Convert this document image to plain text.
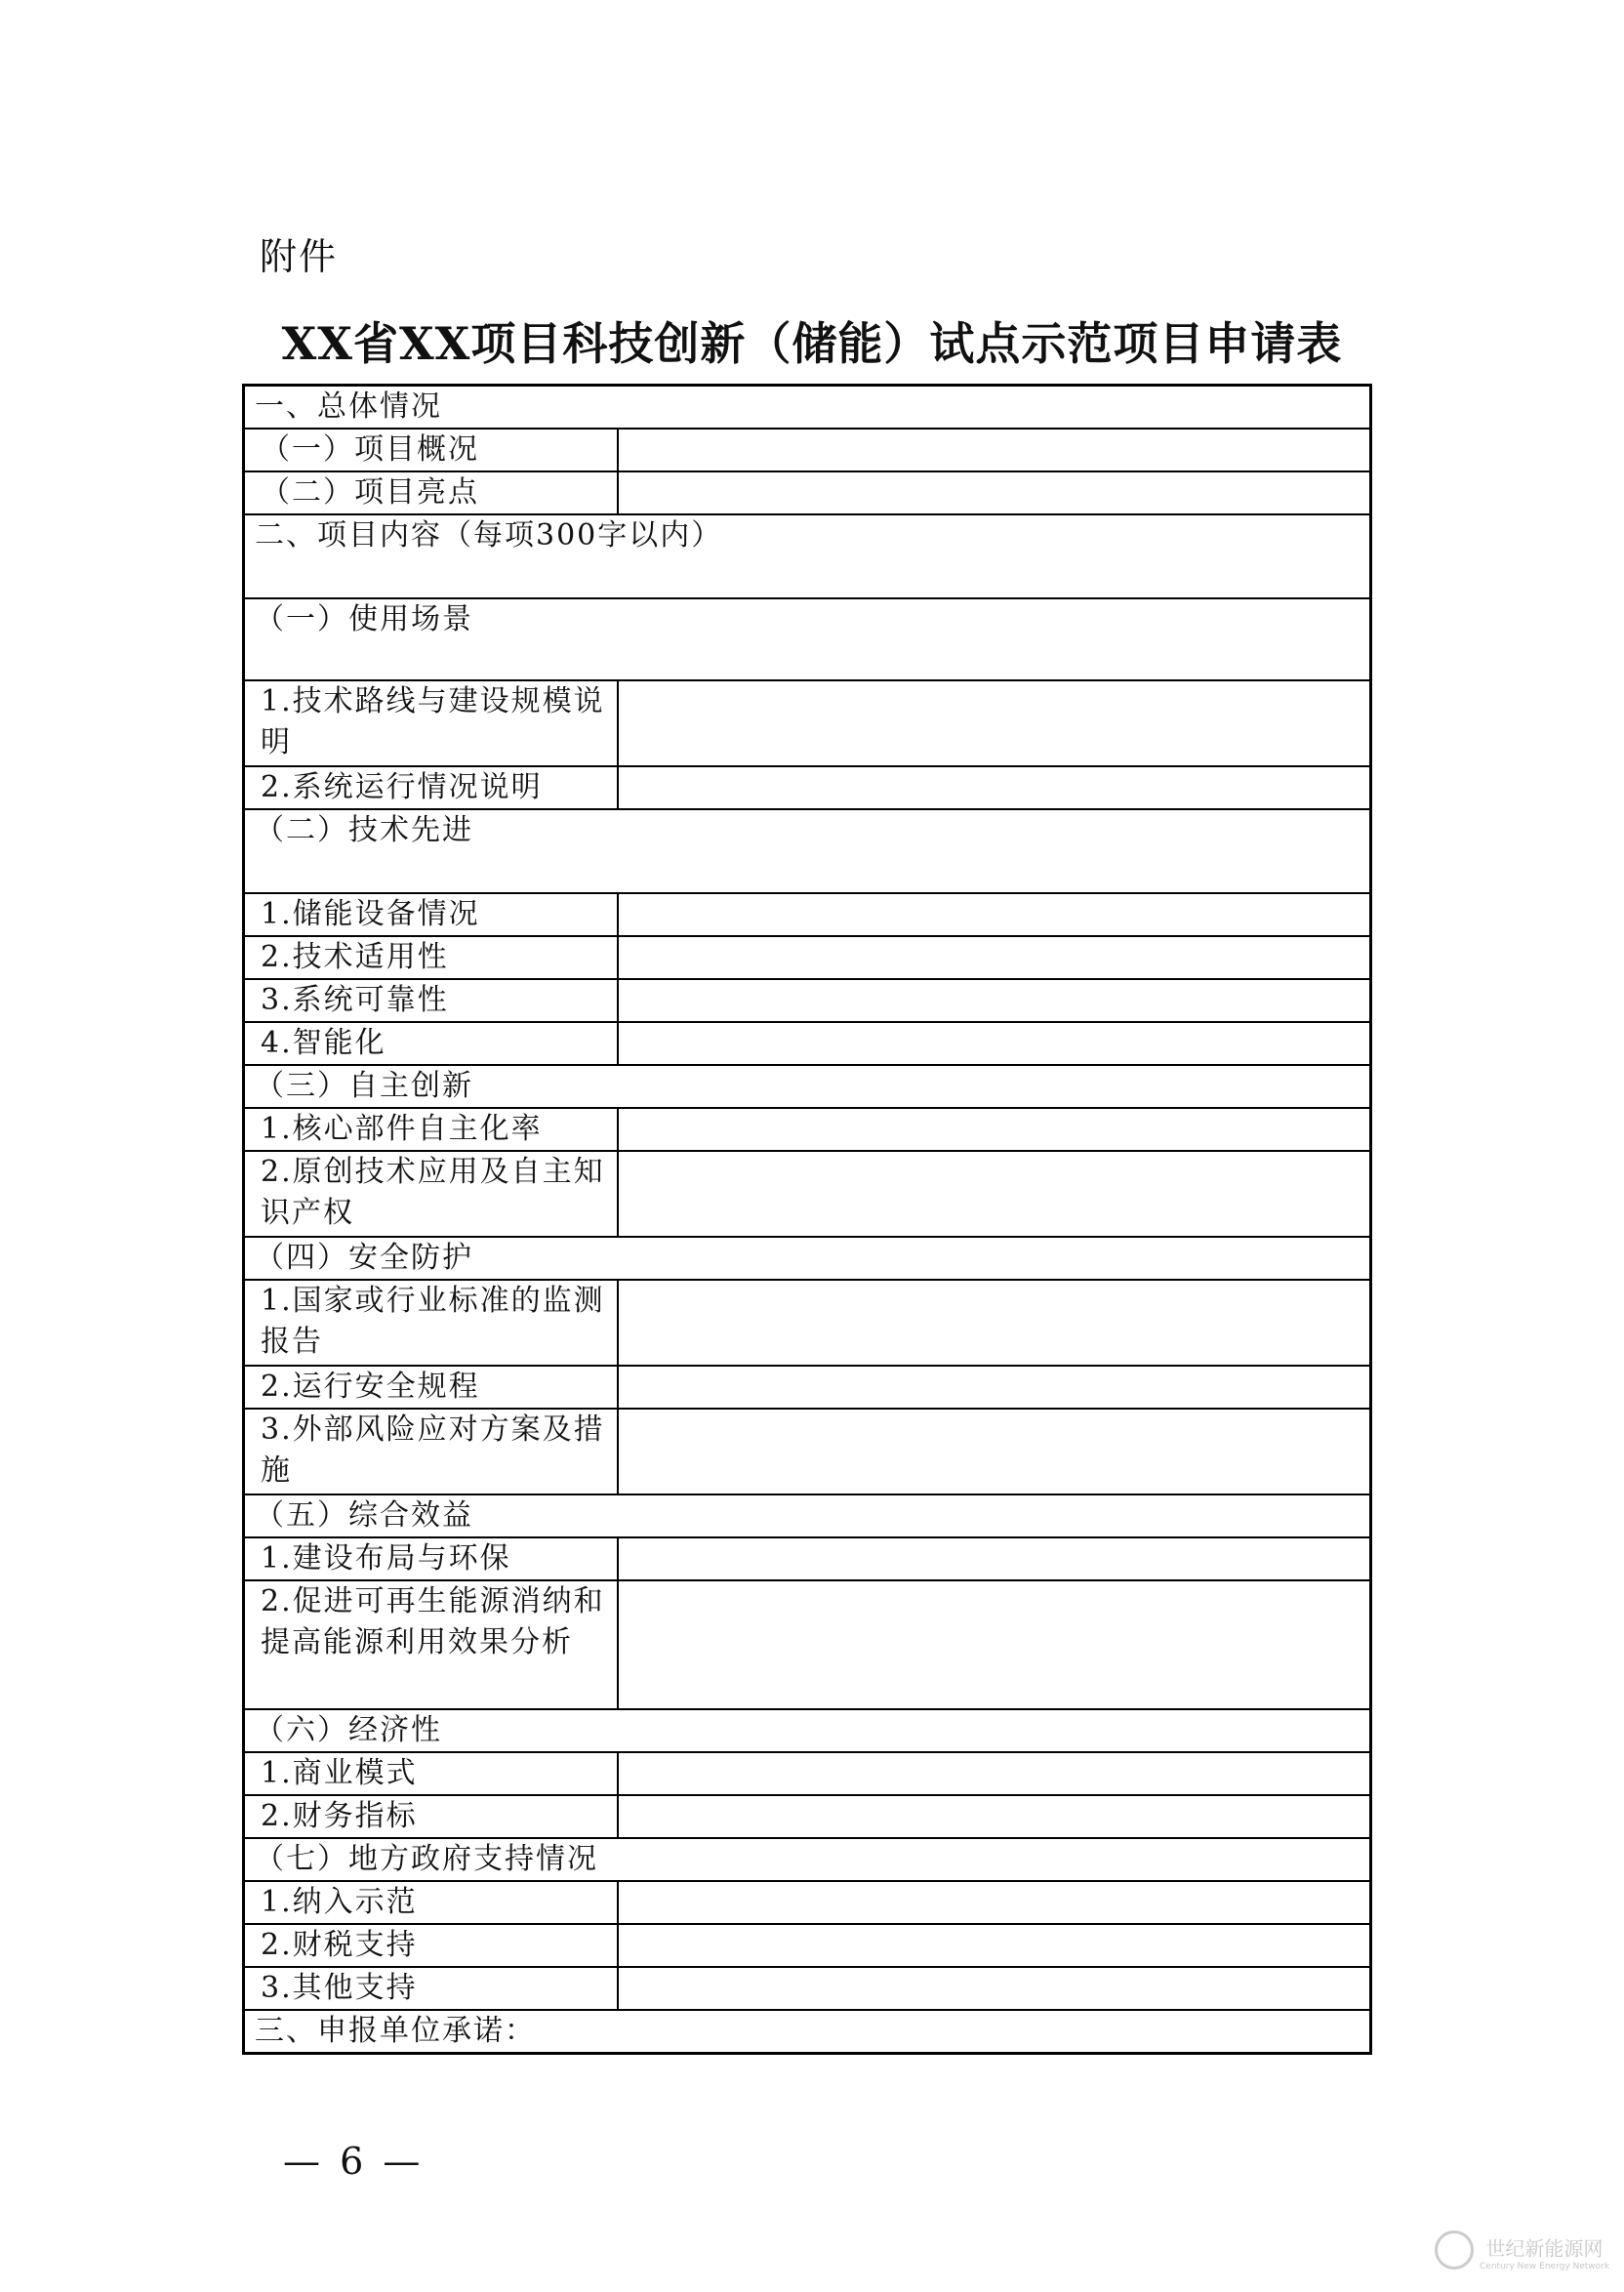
附件
XX省XX项目科技创新（储能）试点示范项目申请表
一、总体情况	
（一）项目概况	
（二）项目亮点	
二、项目内容（每项300字以内）	
（一）使用场景	
1.技术路线与建设规模说明	
2.系统运行情况说明	
（二）技术先进	
1.储能设备情况	
2.技术适用性	
3.系统可靠性	
4.智能化	
（三）自主创新	
1.核心部件自主化率	
2.原创技术应用及自主知识产权	
（四）安全防护	
1.国家或行业标准的监测报告	
2.运行安全规程	
3.外部风险应对方案及措施	
（五）综合效益	
1.建设布局与环保	
2.促进可再生能源消纳和提高能源利用效果分析	
（六）经济性	
1.商业模式	
2.财务指标	
（七）地方政府支持情况	
1.纳入示范	
2.财税支持	
3.其他支持	
三、申报单位承诺：	
— 6 —
世纪新能源网
Century New Energy Network
